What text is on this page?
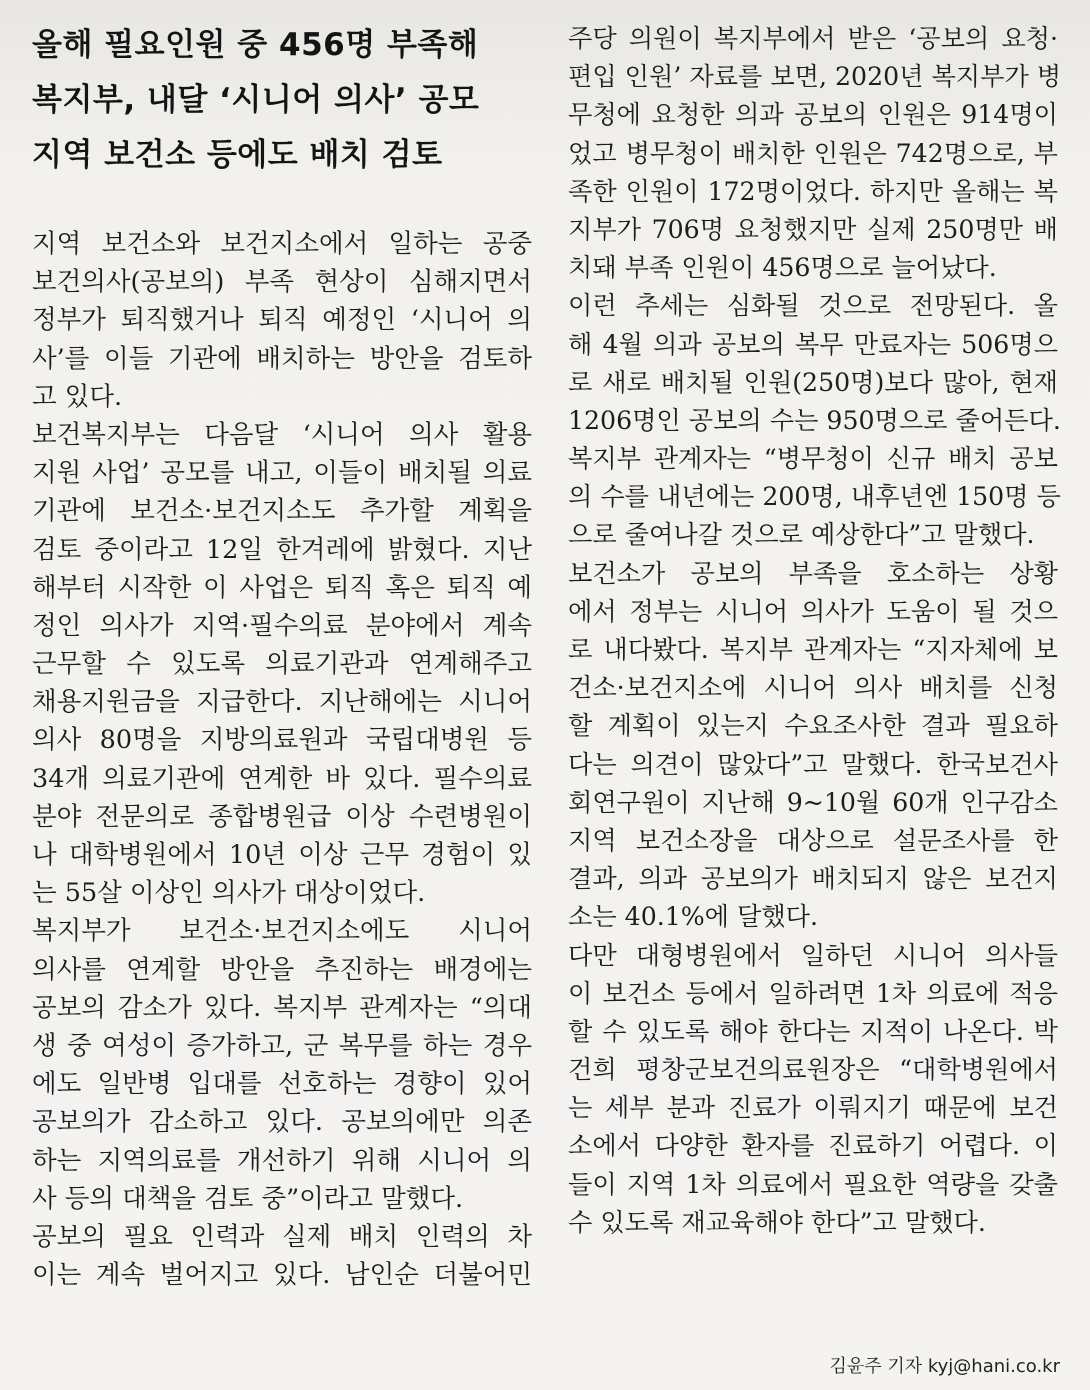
올해 필요인원 중 456명 부족해
복지부, 내달 ‘시니어 의사’ 공모
지역 보건소 등에도 배치 검토
지역 보건소와 보건지소에서 일하는 공중
보건의사(공보의) 부족 현상이 심해지면서
정부가 퇴직했거나 퇴직 예정인 ‘시니어 의
사’를 이들 기관에 배치하는 방안을 검토하
고 있다.
보건복지부는 다음달 ‘시니어 의사 활용
지원 사업’ 공모를 내고, 이들이 배치될 의료
기관에 보건소·보건지소도 추가할 계획을
검토 중이라고 12일 한겨레에 밝혔다. 지난
해부터 시작한 이 사업은 퇴직 혹은 퇴직 예
정인 의사가 지역·필수의료 분야에서 계속
근무할 수 있도록 의료기관과 연계해주고
채용지원금을 지급한다. 지난해에는 시니어
의사 80명을 지방의료원과 국립대병원 등
34개 의료기관에 연계한 바 있다. 필수의료
분야 전문의로 종합병원급 이상 수련병원이
나 대학병원에서 10년 이상 근무 경험이 있
는 55살 이상인 의사가 대상이었다.
복지부가 보건소·보건지소에도 시니어
의사를 연계할 방안을 추진하는 배경에는
공보의 감소가 있다. 복지부 관계자는 “의대
생 중 여성이 증가하고, 군 복무를 하는 경우
에도 일반병 입대를 선호하는 경향이 있어
공보의가 감소하고 있다. 공보의에만 의존
하는 지역의료를 개선하기 위해 시니어 의
사 등의 대책을 검토 중”이라고 말했다.
공보의 필요 인력과 실제 배치 인력의 차
이는 계속 벌어지고 있다. 남인순 더불어민
주당 의원이 복지부에서 받은 ‘공보의 요청·
편입 인원’ 자료를 보면, 2020년 복지부가 병
무청에 요청한 의과 공보의 인원은 914명이
었고 병무청이 배치한 인원은 742명으로, 부
족한 인원이 172명이었다. 하지만 올해는 복
지부가 706명 요청했지만 실제 250명만 배
치돼 부족 인원이 456명으로 늘어났다.
이런 추세는 심화될 것으로 전망된다. 올
해 4월 의과 공보의 복무 만료자는 506명으
로 새로 배치될 인원(250명)보다 많아, 현재
1206명인 공보의 수는 950명으로 줄어든다.
복지부 관계자는 “병무청이 신규 배치 공보
의 수를 내년에는 200명, 내후년엔 150명 등
으로 줄여나갈 것으로 예상한다”고 말했다.
보건소가 공보의 부족을 호소하는 상황
에서 정부는 시니어 의사가 도움이 될 것으
로 내다봤다. 복지부 관계자는 “지자체에 보
건소·보건지소에 시니어 의사 배치를 신청
할 계획이 있는지 수요조사한 결과 필요하
다는 의견이 많았다”고 말했다. 한국보건사
회연구원이 지난해 9~10월 60개 인구감소
지역 보건소장을 대상으로 설문조사를 한
결과, 의과 공보의가 배치되지 않은 보건지
소는 40.1%에 달했다.
다만 대형병원에서 일하던 시니어 의사들
이 보건소 등에서 일하려면 1차 의료에 적응
할 수 있도록 해야 한다는 지적이 나온다. 박
건희 평창군보건의료원장은 “대학병원에서
는 세부 분과 진료가 이뤄지기 때문에 보건
소에서 다양한 환자를 진료하기 어렵다. 이
들이 지역 1차 의료에서 필요한 역량을 갖출
수 있도록 재교육해야 한다”고 말했다.
김윤주 기자 kyj@hani.co.kr
